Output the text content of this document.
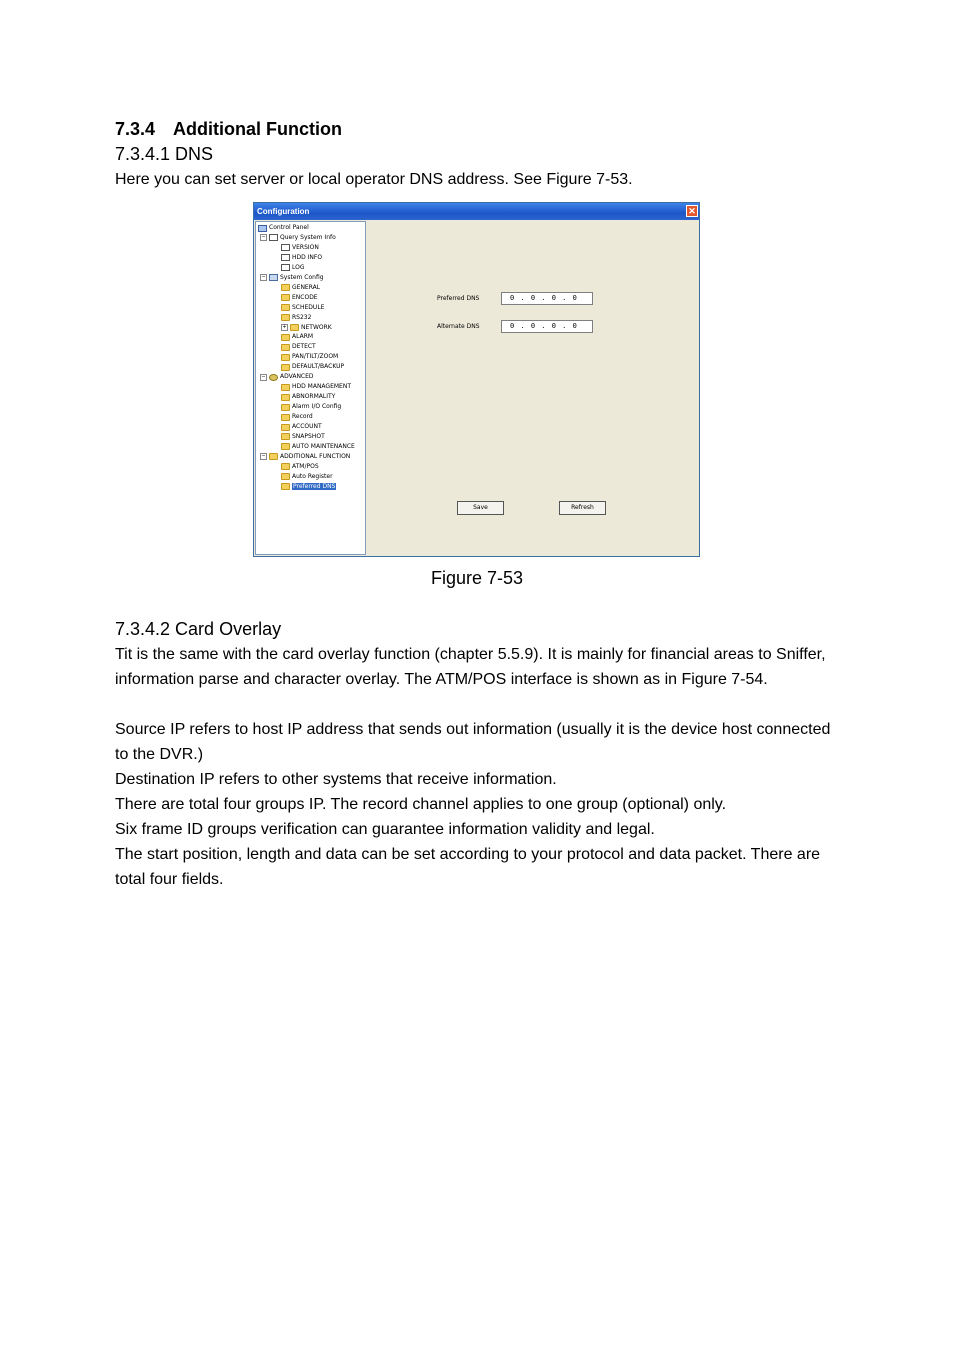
7.3.4 Additional Function
7.3.4.1 DNS
Here you can set server or local operator DNS address. See Figure 7-53.
Configuration	✕
Control Panel
− Query System Info
VERSION
HDD INFO
LOG
− System Config
GENERAL
ENCODE
SCHEDULE
RS232
+ NETWORK
ALARM
DETECT
PAN/TILT/ZOOM
DEFAULT/BACKUP
− ADVANCED
HDD MANAGEMENT
ABNORMALITY
Alarm I/O Config
Record
ACCOUNT
SNAPSHOT
AUTO MAINTENANCE
− ADDITIONAL FUNCTION
ATM/POS
Auto Register
Preferred DNS
Preferred DNS	0 . 0 . 0 . 0
Alternate DNS	0 . 0 . 0 . 0
Save	Refresh
Figure 7-53
7.3.4.2 Card Overlay
Tit is the same with the card overlay function (chapter 5.5.9). It is mainly for financial areas to Sniffer, information parse and character overlay. The ATM/POS interface is shown as in Figure 7-54.
Source IP refers to host IP address that sends out information (usually it is the device host connected to the DVR.)
Destination IP refers to other systems that receive information.
There are total four groups IP. The record channel applies to one group (optional) only.
Six frame ID groups verification can guarantee information validity and legal.
The start position, length and data can be set according to your protocol and data packet. There are total four fields.
